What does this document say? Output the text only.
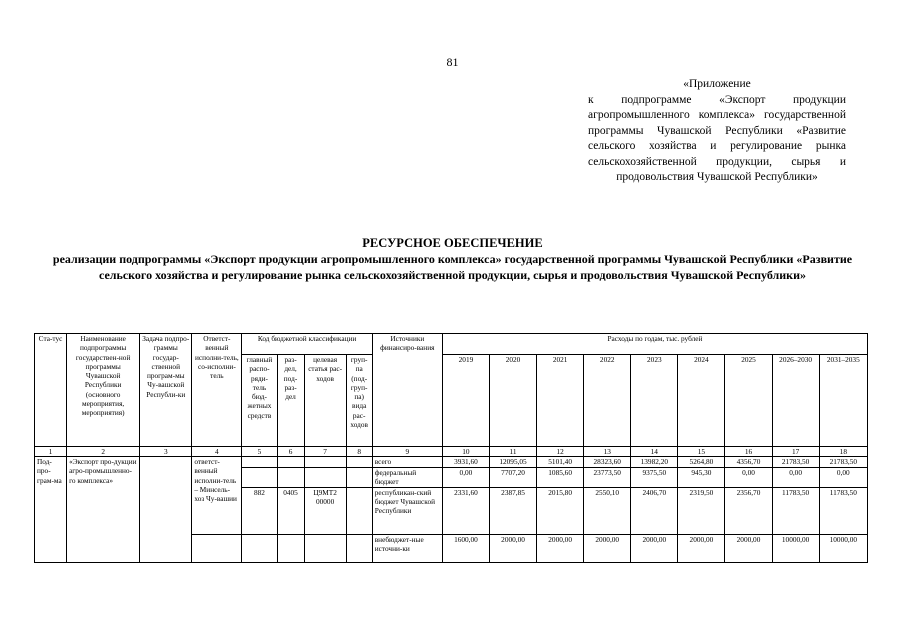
81
«Приложение
к подпрограмме «Экспорт продукции агропромышленного комплекса» государственной программы Чувашской Республики «Развитие сельского хозяйства и регулирование рынка сельскохозяйственной продукции, сырья и продовольствия Чувашской Республики»
РЕСУРСНОЕ ОБЕСПЕЧЕНИЕ
реализации подпрограммы «Экспорт продукции агропромышленного комплекса» государственной программы Чувашской Республики «Развитие сельского хозяйства и регулирование рынка сельскохозяйственной продукции, сырья и продовольствия Чувашской Республики»
Ста-тус	Наименование подпрограммы государствен-ной программы Чувашской Республики (основного мероприятия, мероприятия)	Задача подпро-граммы государ-ственной програм-мы Чу-вашской Республи-ки	Ответст-венный исполни-тель, со-исполни-тель	Код бюджетной классификации				Источники финансиро-вания	Расходы по годам, тыс. рублей								
				главный распо-ряди-тель бюд-жетных средств	раз-дел, под-раз-дел	целевая статья рас-ходов	груп-па (под-груп-па) вида рас-ходов		2019	2020	2021	2022	2023	2024	2025	2026–2030	2031–2035
1	2	3	4	5	6	7	8	9	10	11	12	13	14	15	16	17	18
Под-про-грам-ма	«Экспорт про-дукции агро-промышленно-го комплекса»		ответст-венный исполни-тель – Минсель-хоз Чу-вашии					всего	3931,60	12095,05	5101,40	28323,60	13982,20	5264,80	4356,70	21783,50	21783,50
								федеральный бюджет	0,00	7707,20	1085,60	23773,50	9375,50	945,30	0,00	0,00	0,00
				882	0405	Ц9МТ2 00000		республикан-ский бюджет Чувашской Республики	2331,60	2387,85	2015,80	2550,10	2406,70	2319,50	2356,70	11783,50	11783,50
								внебюджет-ные источни-ки	1600,00	2000,00	2000,00	2000,00	2000,00	2000,00	2000,00	10000,00	10000,00
